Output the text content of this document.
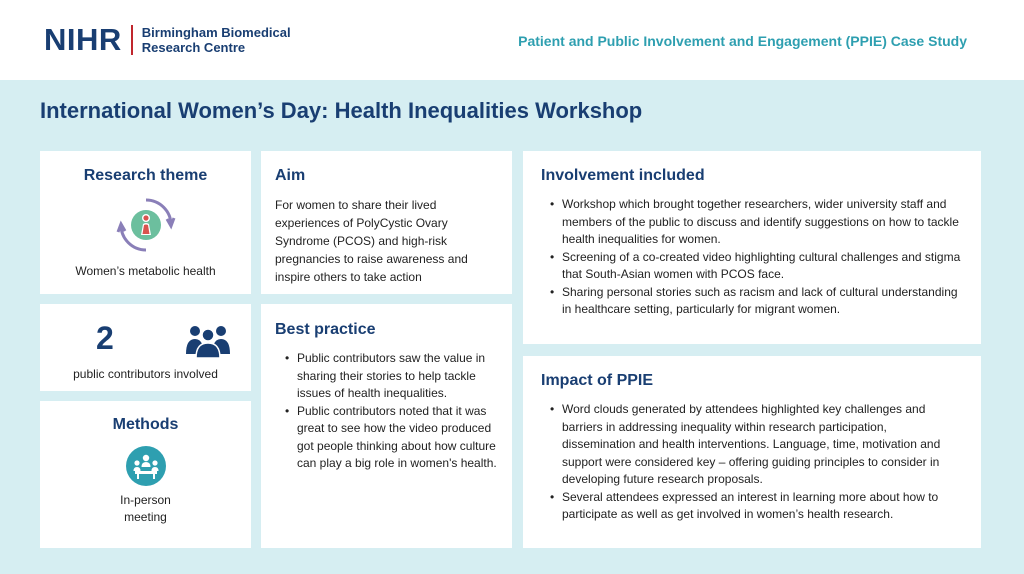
NIHR Birmingham Biomedical
Research Centre	Patient and Public Involvement and Engagement (PPIE) Case Study
International Women’s Day: Health Inequalities Workshop
Research theme
Women’s metabolic health
2
public contributors involved
Methods
In-person
meeting
Aim

For women to share their lived experiences of PolyCystic Ovary Syndrome (PCOS) and high-risk pregnancies to raise awareness and inspire others to take action

Best practice
• Public contributors saw the value in sharing their stories to help tackle issues of health inequalities.
• Public contributors noted that it was great to see how the video produced got people thinking about how culture can play a big role in women's health.
Involvement included
• Workshop which brought together researchers, wider university staff and members of the public to discuss and identify suggestions on how to tackle health inequalities for women.
• Screening of a co-created video highlighting cultural challenges and stigma that South-Asian women with PCOS face.
• Sharing personal stories such as racism and lack of cultural understanding in healthcare setting, particularly for migrant women.
Impact of PPIE
• Word clouds generated by attendees highlighted key challenges and barriers in addressing inequality within research participation, dissemination and health interventions. Language, time, motivation and support were considered key – offering guiding principles to consider in developing future research proposals.
• Several attendees expressed an interest in learning more about how to participate as well as get involved in women’s health research.
